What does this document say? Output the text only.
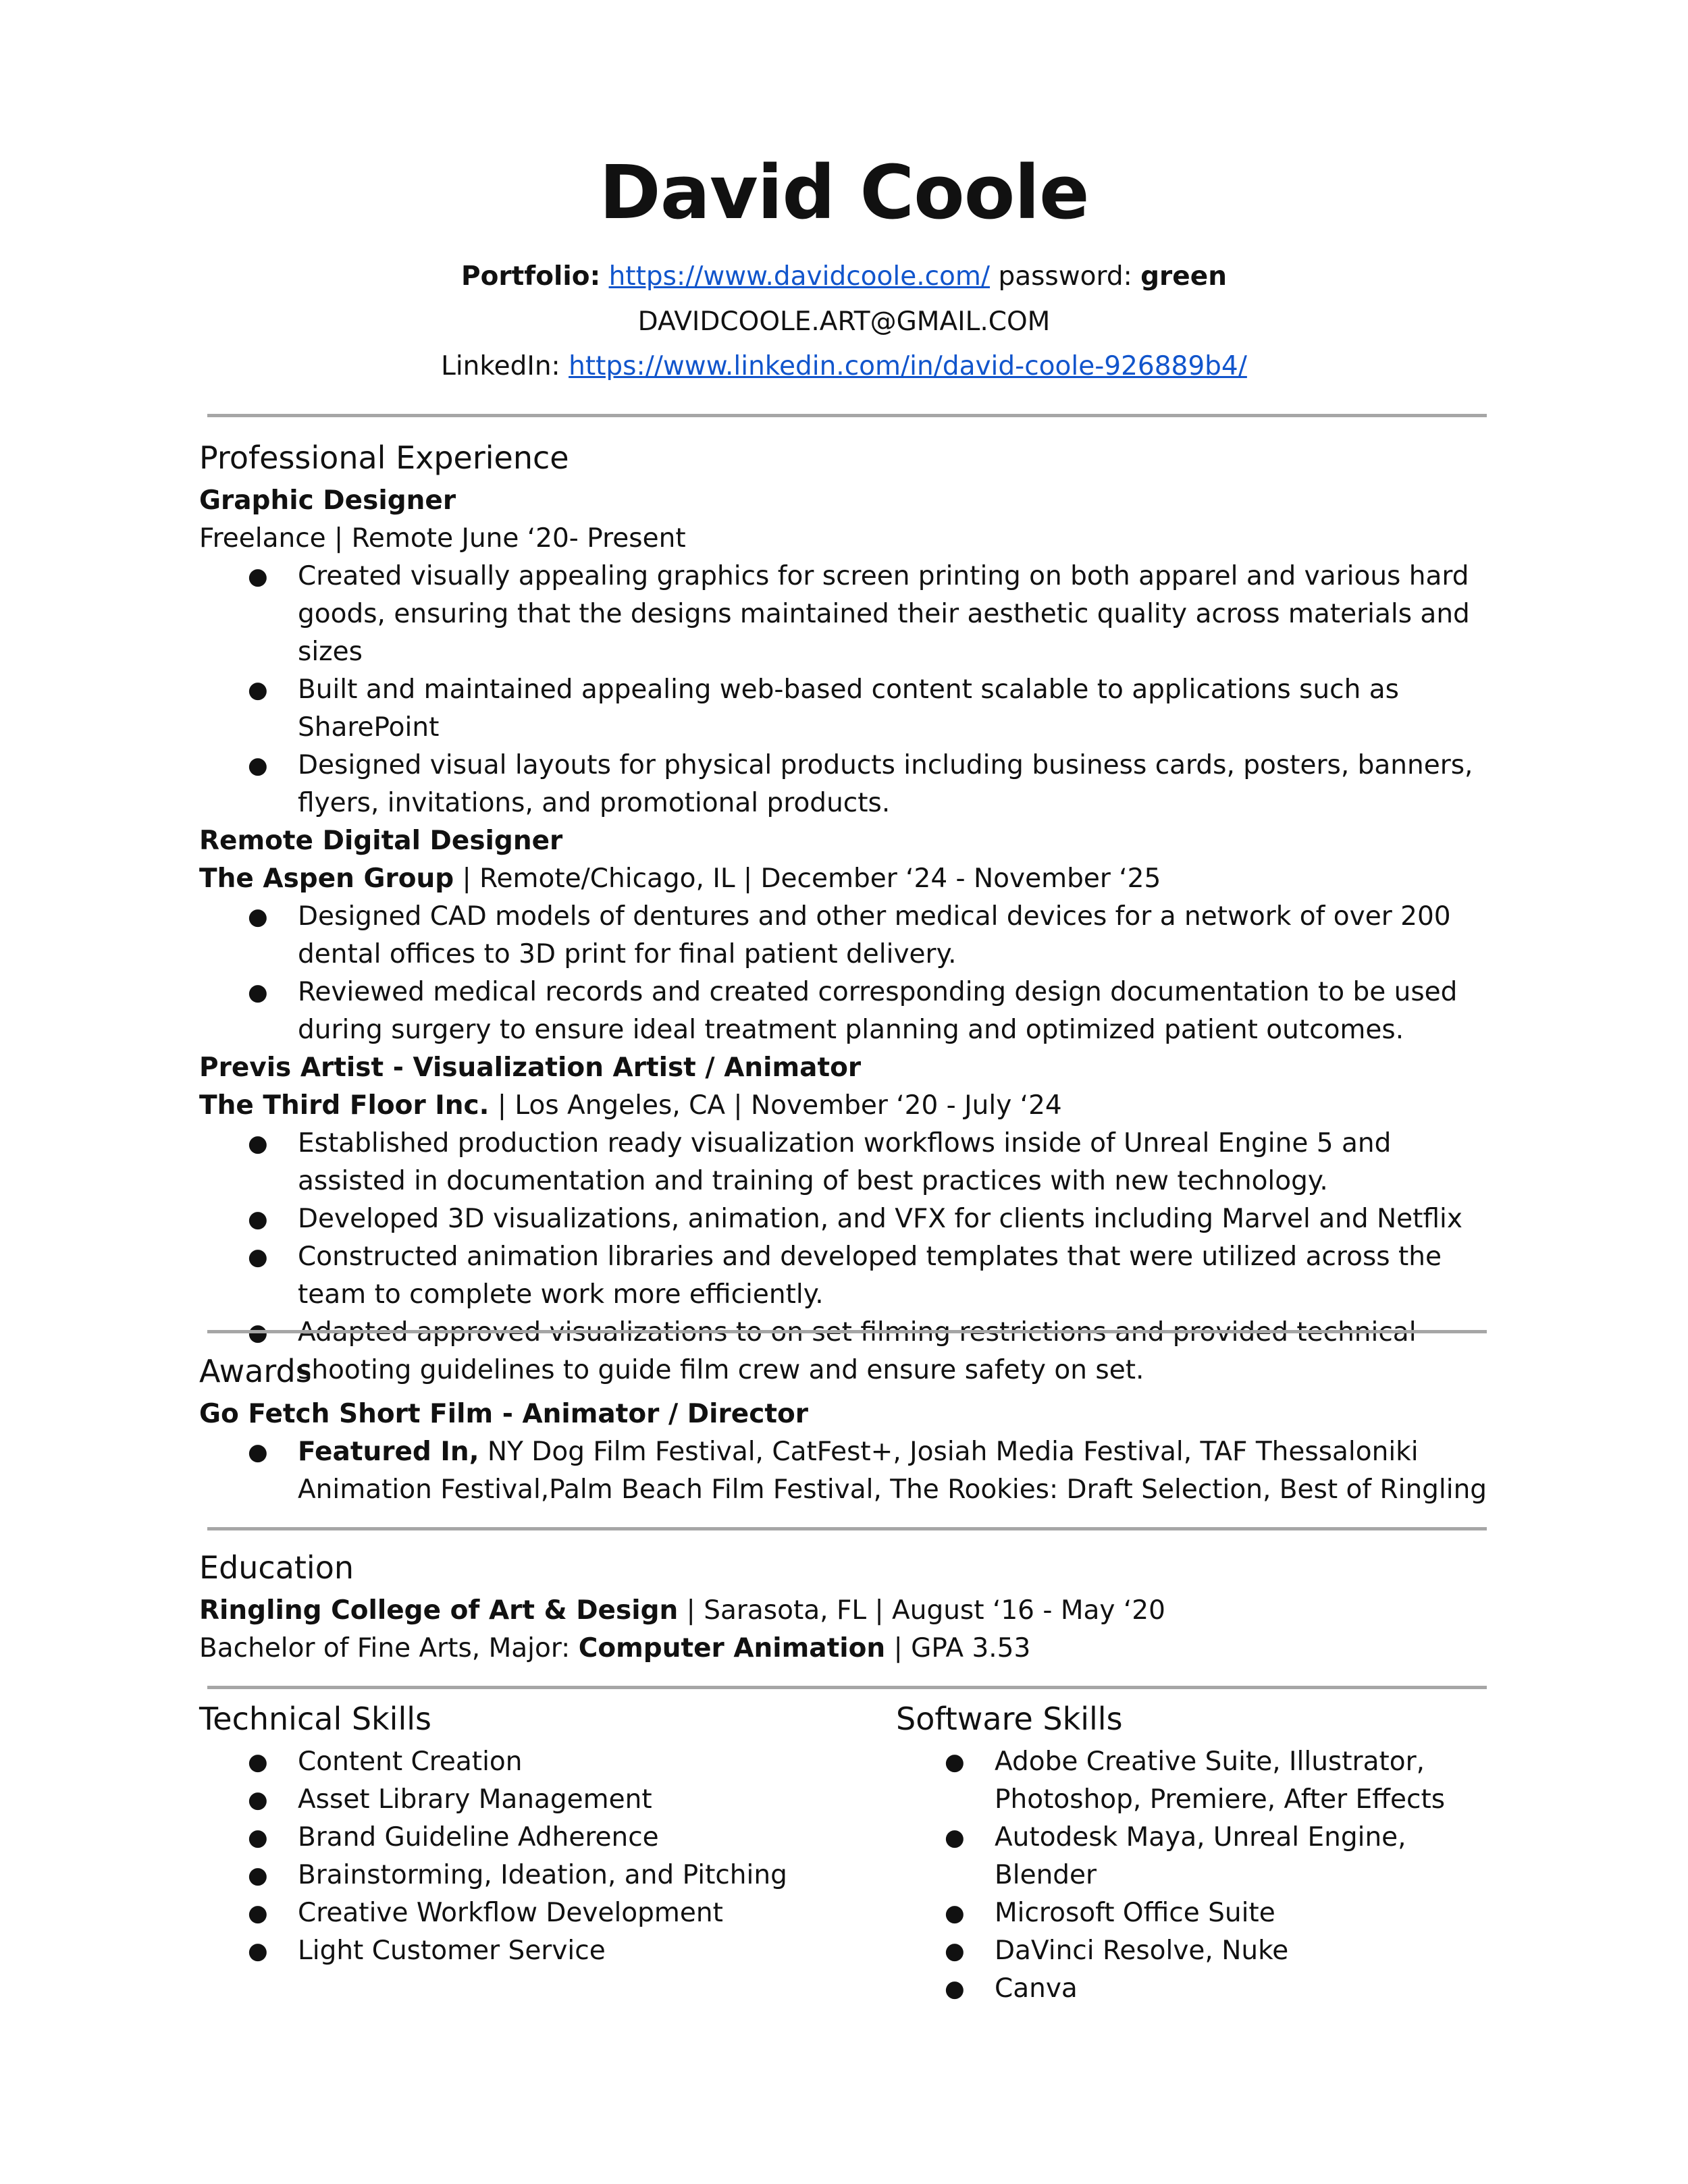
David Coole
Portfolio: https://www.davidcoole.com/ password: green
DAVIDCOOLE.ART@GMAIL.COM
LinkedIn: https://www.linkedin.com/in/david-coole-926889b4/
Professional Experience

Graphic Designer

Freelance | Remote June ‘20- Present

● Created visually appealing graphics for screen printing on both apparel and various hard goods, ensuring that the designs maintained their aesthetic quality across materials and sizes
● Built and maintained appealing web-based content scalable to applications such as SharePoint
● Designed visual layouts for physical products including business cards, posters, banners, flyers, invitations, and promotional products.

Remote Digital Designer

The Aspen Group | Remote/Chicago, IL | December ‘24 - November ‘25

● Designed CAD models of dentures and other medical devices for a network of over 200 dental offices to 3D print for final patient delivery.
● Reviewed medical records and created corresponding design documentation to be used during surgery to ensure ideal treatment planning and optimized patient outcomes.

Previs Artist - Visualization Artist / Animator

The Third Floor Inc. | Los Angeles, CA | November ‘20 - July ‘24

● Established production ready visualization workflows inside of Unreal Engine 5 and assisted in documentation and training of best practices with new technology.
● Developed 3D visualizations, animation, and VFX for clients including Marvel and Netflix
● Constructed animation libraries and developed templates that were utilized across the team to complete work more efficiently.
● Adapted approved visualizations to on set filming restrictions and provided technical shooting guidelines to guide film crew and ensure safety on set.
Awards

Go Fetch Short Film - Animator / Director

● Featured In, NY Dog Film Festival, CatFest+, Josiah Media Festival, TAF Thessaloniki Animation Festival,Palm Beach Film Festival, The Rookies: Draft Selection, Best of Ringling
Education

Ringling College of Art & Design | Sarasota, FL | August ‘16 - May ‘20

Bachelor of Fine Arts, Major: Computer Animation | GPA 3.53

Technical Skills
● Content Creation
● Asset Library Management
● Brand Guideline Adherence
● Brainstorming, Ideation, and Pitching
● Creative Workflow Development
● Light Customer Service
Software Skills
● Adobe Creative Suite, Illustrator, Photoshop, Premiere, After Effects
● Autodesk Maya, Unreal Engine, Blender
● Microsoft Office Suite
● DaVinci Resolve, Nuke
● Canva
